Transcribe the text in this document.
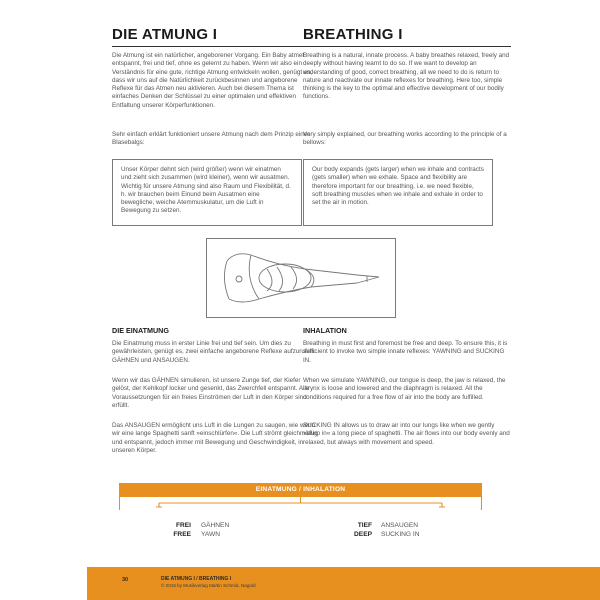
DIE ATMUNG I
Die Atmung ist ein natürlicher, angeborener Vorgang. Ein Baby atmet entspannt, frei und tief, ohne es gelernt zu haben. Wenn wir also ein Verständnis für eine gute, richtige Atmung entwickeln wollen, genügt es, dass wir uns auf die Natürlichkeit zurückbesinnen und angeborene Reflexe für das Atmen neu aktivieren. Auch bei diesem Thema ist einfaches Denken der Schlüssel zu einer optimalen und effektiven Entfaltung unserer Körperfunktionen.
Sehr einfach erklärt funktioniert unsere Atmung nach dem Prinzip eines Blasebalgs:
Unser Körper dehnt sich (wird größer) wenn wir einatmen und zieht sich zusammen (wird kleiner), wenn wir ausatmen. Wichtig für unsere Atmung sind also Raum und Flexibilität, d. h. wir brauchen beim Einund beim Ausatmen eine bewegliche, weiche Atemmuskulatur, um die Luft in Bewegung zu setzen.
BREATHING I
Breathing is a natural, innate process. A baby breathes relaxed, freely and deeply without having learnt to do so. If we want to develop an understanding of good, correct breathing, all we need to do is return to nature and reactivate our innate reflexes for breathing. Here too, simple thinking is the key to the optimal and effective development of our bodily functions.
Very simply explained, our breathing works according to the principle of a bellows:
Our body expands (gets larger) when we inhale and contracts (gets smaller) when we exhale. Space and flexibility are therefore important for our breathing, i.e. we need flexible, soft breathing muscles when we inhale and exhale in order to set the air in motion.
DIE EINATMUNG
Die Einatmung muss in erster Linie frei und tief sein. Um dies zu gewährleisten, genügt es, zwei einfache angeborene Reflexe aufzurufen: GÄHNEN und ANSAUGEN.
Wenn wir das GÄHNEN simulieren, ist unsere Zunge tief, der Kiefer gelöst, der Kehlkopf locker und gesenkt, das Zwerchfell entspannt. Alle Voraussetzungen für ein freies Einströmen der Luft in den Körper sind erfüllt.
Das ANSAUGEN ermöglicht uns Luft in die Lungen zu saugen, wie wenn wir eine lange Spaghetti sanft »einschlürfen«. Die Luft strömt gleichmäßig und entspannt, jedoch immer mit Bewegung und Geschwindigkeit, in unseren Körper.
INHALATION
Breathing in must first and foremost be free and deep. To ensure this, it is sufficient to invoke two simple innate reflexes: YAWNING and SUCKING IN.
When we simulate YAWNING, our tongue is deep, the jaw is relaxed, the larynx is loose and lowered and the diaphragm is relaxed. All the conditions required for a free flow of air into the body are fulfilled.
SUCKING IN allows us to draw air into our lungs like when we gently »slurp in« a long piece of spaghetti. The air flows into our body evenly and relaxed, but always with movement and speed.
EINATMUNG / INHALATION
FREI
FREE
GÄHNEN
YAWN
TIEF
DEEP
ANSAUGEN
SUCKING IN
30	DIE ATMUNG I / BREATHING I
© 2015 by Musikverlag Martin Schmid, Nagold
